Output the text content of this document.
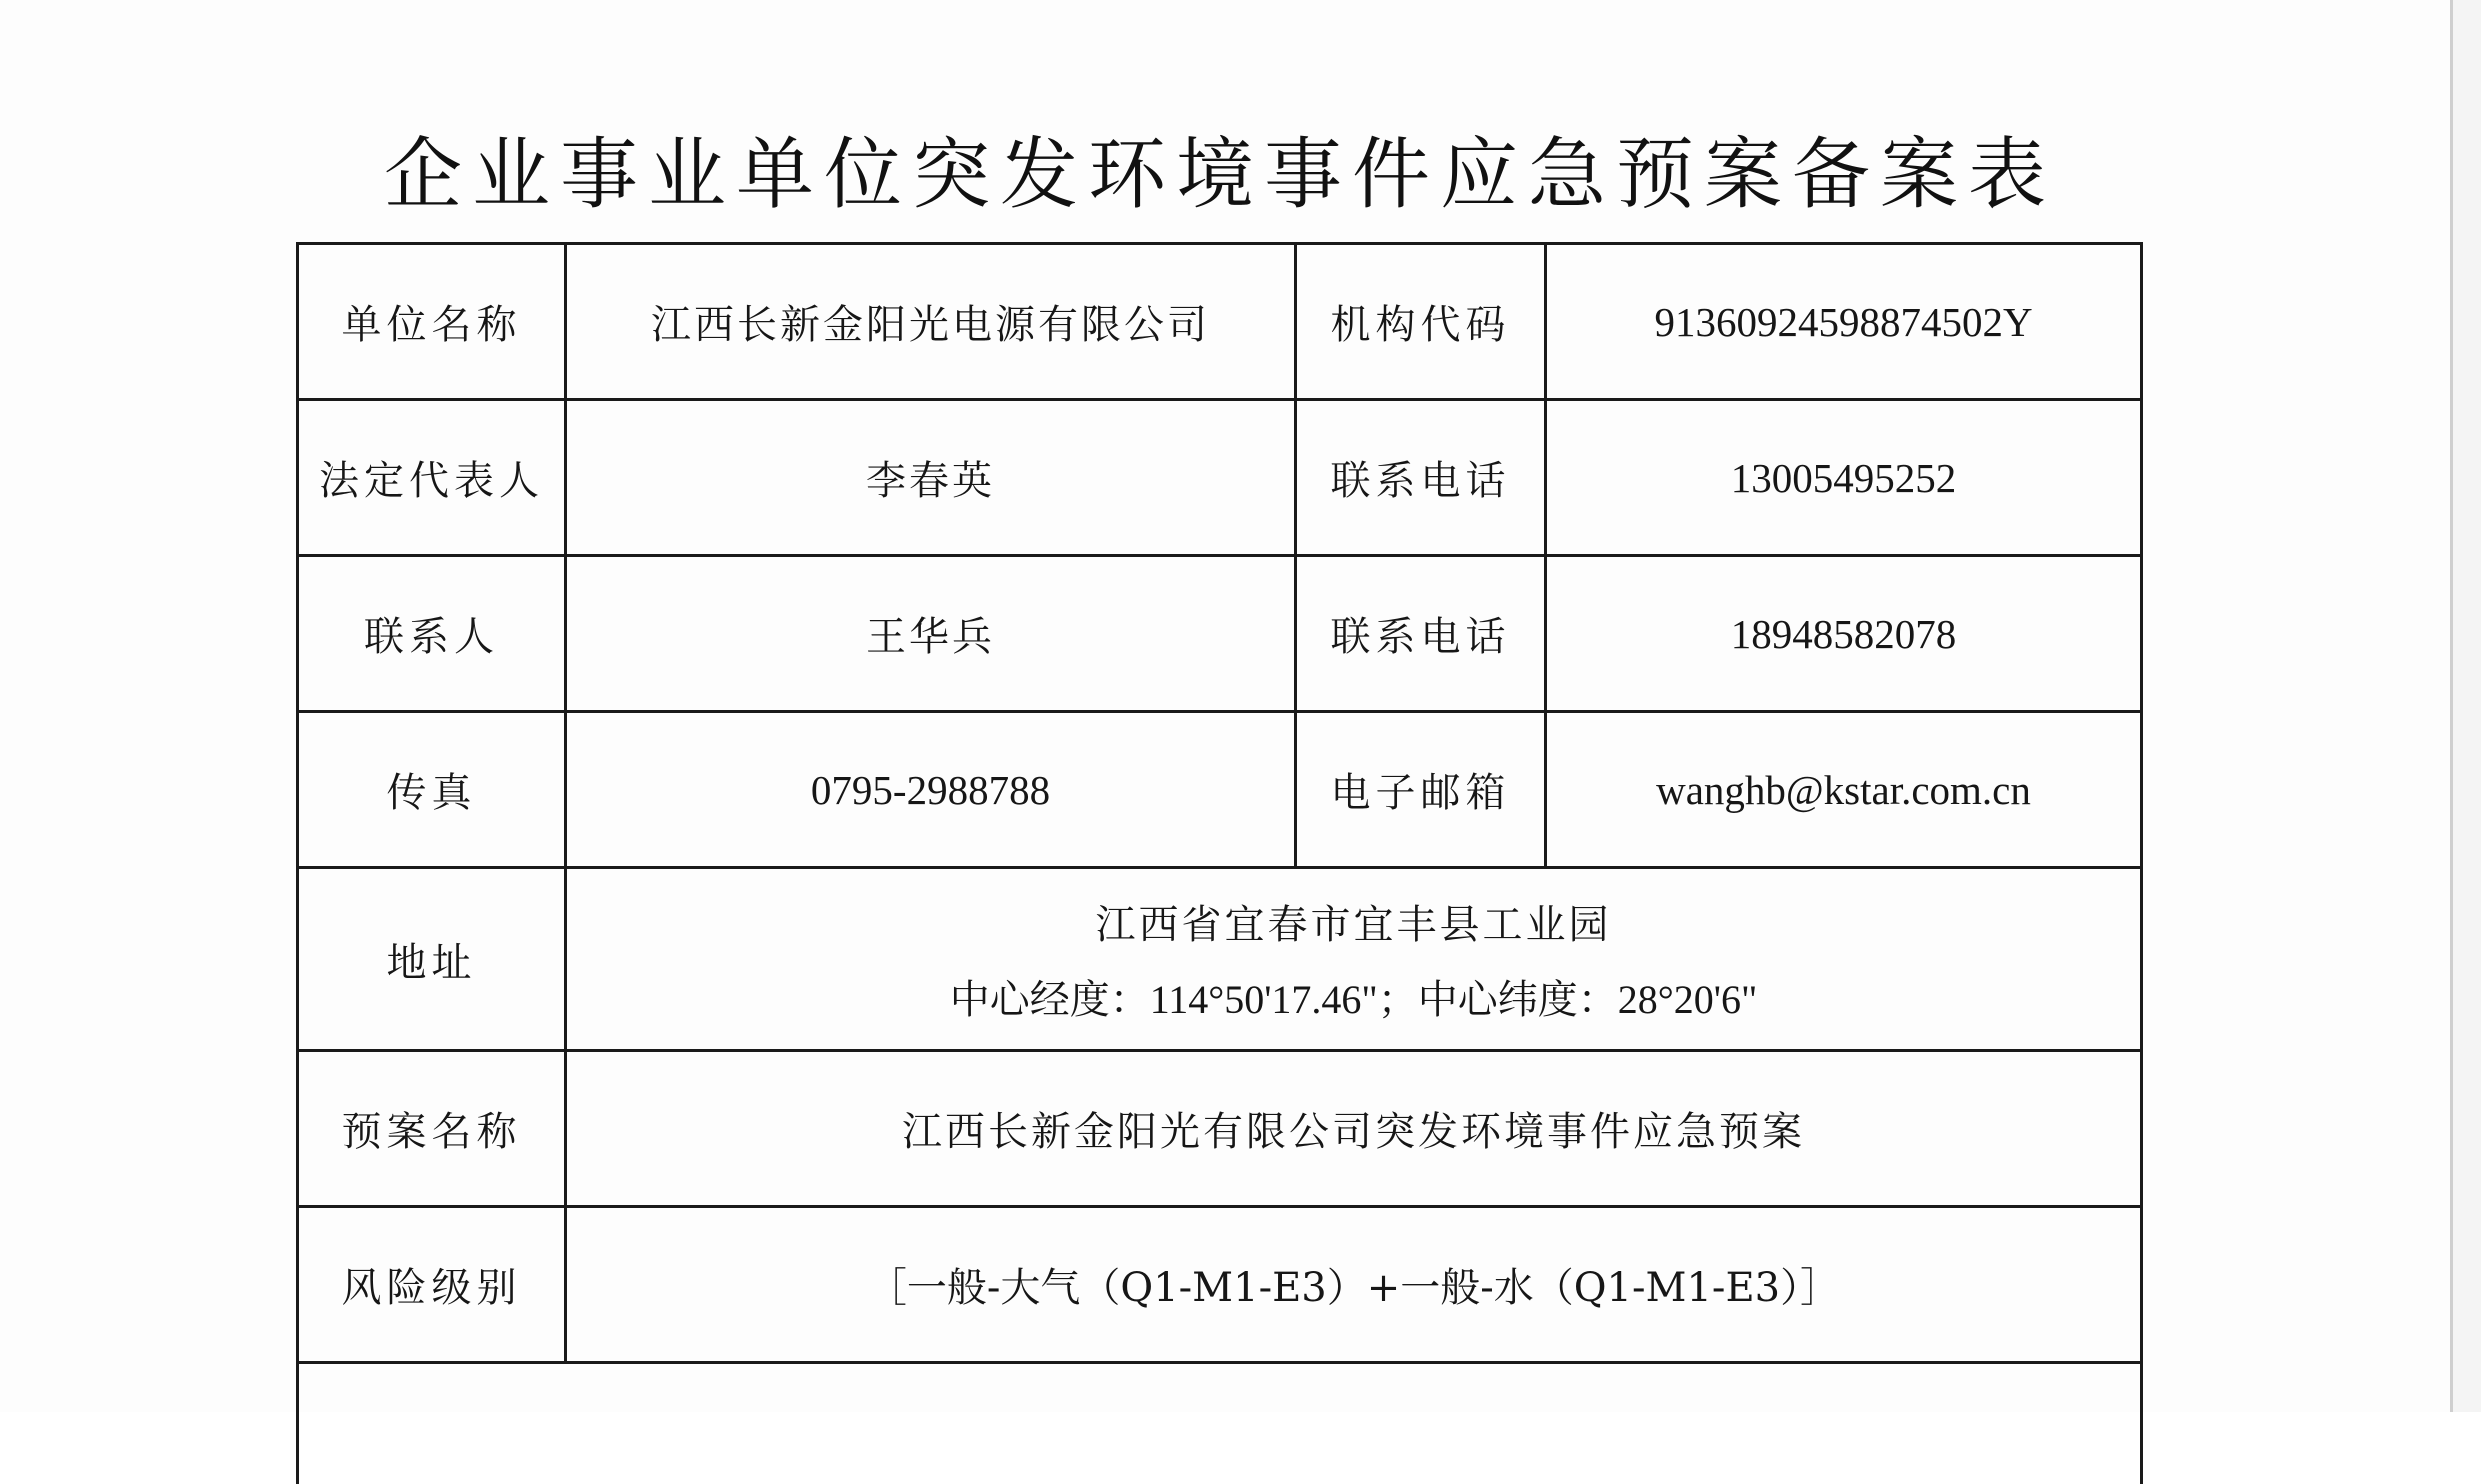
企业事业单位突发环境事件应急预案备案表
单位名称	江西长新金阳光电源有限公司	机构代码	91360924598874502Y
法定代表人	李春英	联系电话	13005495252
联系人	王华兵	联系电话	18948582078
传真	0795-2988788	电子邮箱	wanghb@kstar.com.cn
地址	江西省宜春市宜丰县工业园
中心经度：114°50'17.46"；中心纬度：28°20'6"		

预案名称	江西长新金阳光有限公司突发环境事件应急预案		
风险级别	［一般-大气（Q1-M1-E3）+一般-水（Q1-M1-E3）］		
